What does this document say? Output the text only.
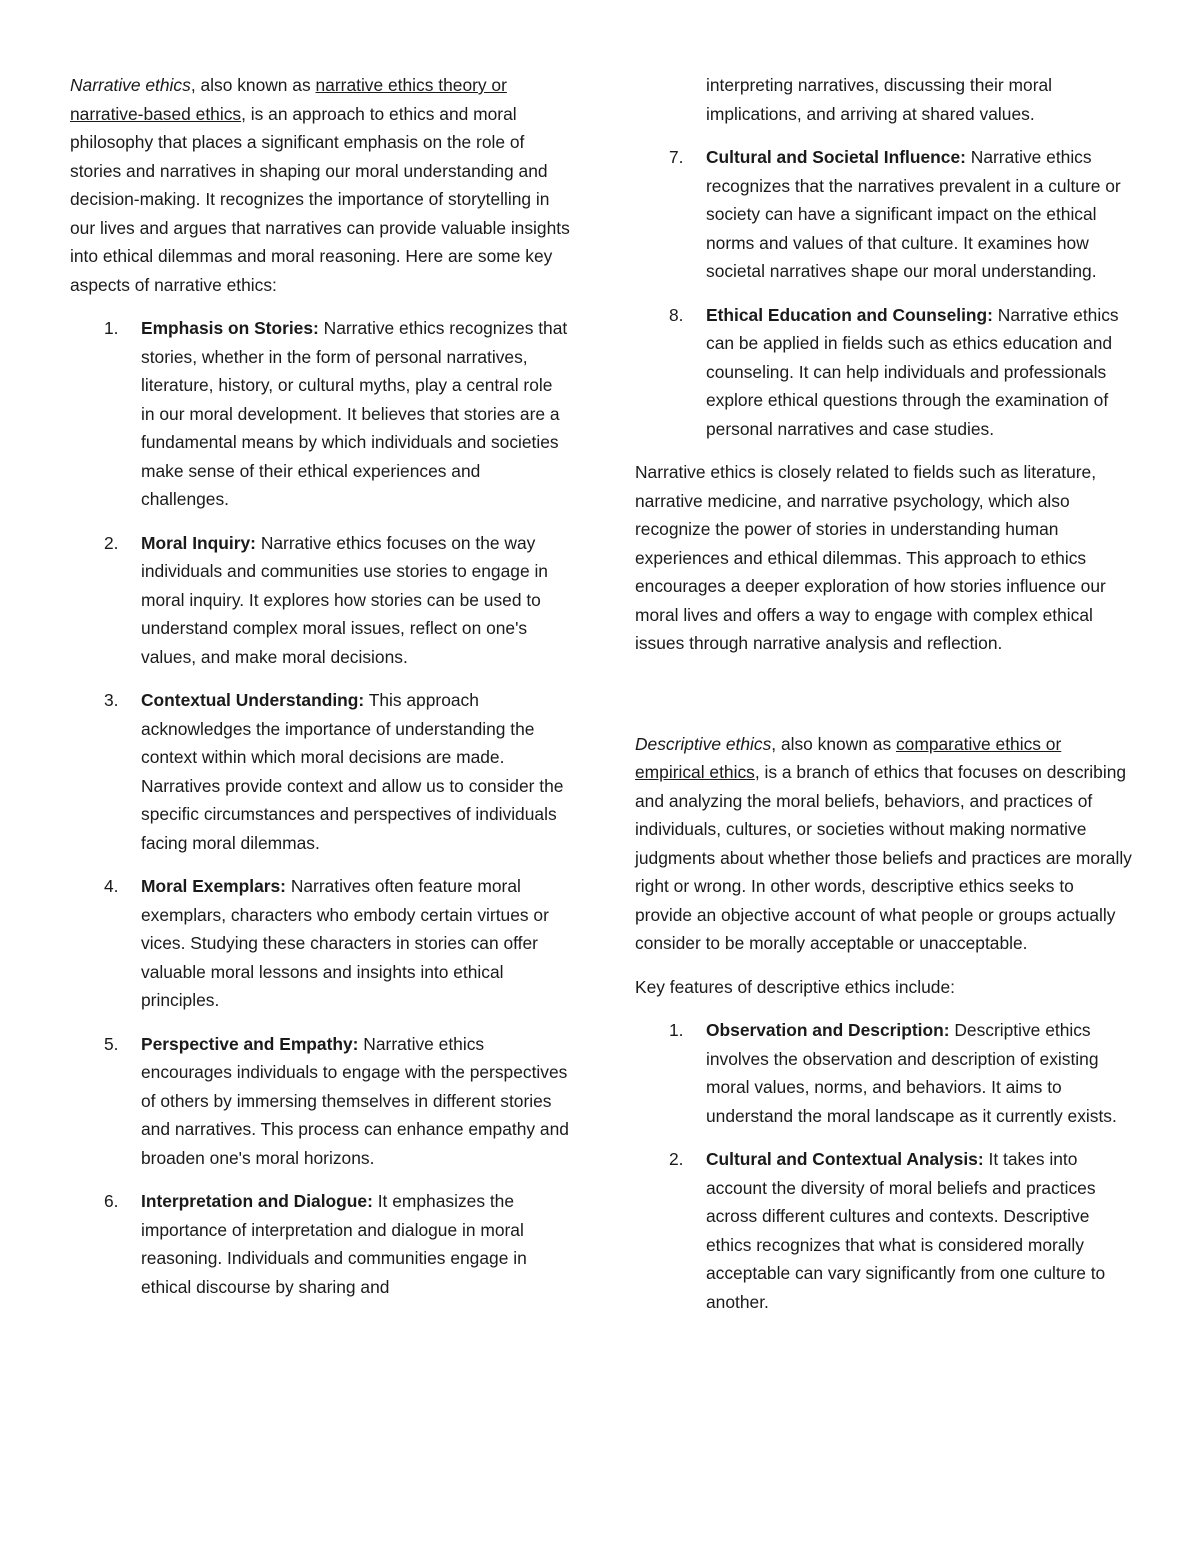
Narrative ethics, also known as narrative ethics theory or narrative-based ethics, is an approach to ethics and moral philosophy that places a significant emphasis on the role of stories and narratives in shaping our moral understanding and decision-making. It recognizes the importance of storytelling in our lives and argues that narratives can provide valuable insights into ethical dilemmas and moral reasoning. Here are some key aspects of narrative ethics:

1.	Emphasis on Stories: Narrative ethics recognizes that stories, whether in the form of personal narratives, literature, history, or cultural myths, play a central role in our moral development. It believes that stories are a fundamental means by which individuals and societies make sense of their ethical experiences and challenges.
2.	Moral Inquiry: Narrative ethics focuses on the way individuals and communities use stories to engage in moral inquiry. It explores how stories can be used to understand complex moral issues, reflect on one's values, and make moral decisions.
3.	Contextual Understanding: This approach acknowledges the importance of understanding the context within which moral decisions are made. Narratives provide context and allow us to consider the specific circumstances and perspectives of individuals facing moral dilemmas.
4.	Moral Exemplars: Narratives often feature moral exemplars, characters who embody certain virtues or vices. Studying these characters in stories can offer valuable moral lessons and insights into ethical principles.
5.	Perspective and Empathy: Narrative ethics encourages individuals to engage with the perspectives of others by immersing themselves in different stories and narratives. This process can enhance empathy and broaden one's moral horizons.
6.	Interpretation and Dialogue: It emphasizes the importance of interpretation and dialogue in moral reasoning. Individuals and communities engage in ethical discourse by sharing and
interpreting narratives, discussing their moral implications, and arriving at shared values.
7.	Cultural and Societal Influence: Narrative ethics recognizes that the narratives prevalent in a culture or society can have a significant impact on the ethical norms and values of that culture. It examines how societal narratives shape our moral understanding.
8.	Ethical Education and Counseling: Narrative ethics can be applied in fields such as ethics education and counseling. It can help individuals and professionals explore ethical questions through the examination of personal narratives and case studies.

Narrative ethics is closely related to fields such as literature, narrative medicine, and narrative psychology, which also recognize the power of stories in understanding human experiences and ethical dilemmas. This approach to ethics encourages a deeper exploration of how stories influence our moral lives and offers a way to engage with complex ethical issues through narrative analysis and reflection.

Descriptive ethics, also known as comparative ethics or empirical ethics, is a branch of ethics that focuses on describing and analyzing the moral beliefs, behaviors, and practices of individuals, cultures, or societies without making normative judgments about whether those beliefs and practices are morally right or wrong. In other words, descriptive ethics seeks to provide an objective account of what people or groups actually consider to be morally acceptable or unacceptable.

Key features of descriptive ethics include:

1.	Observation and Description: Descriptive ethics involves the observation and description of existing moral values, norms, and behaviors. It aims to understand the moral landscape as it currently exists.
2.	Cultural and Contextual Analysis: It takes into account the diversity of moral beliefs and practices across different cultures and contexts. Descriptive ethics recognizes that what is considered morally acceptable can vary significantly from one culture to another.
